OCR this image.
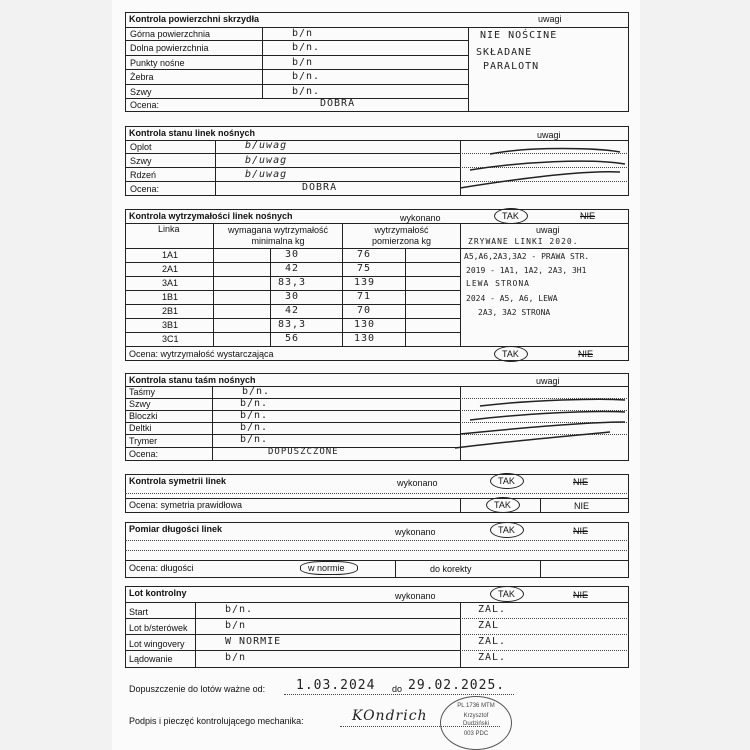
Kontrola powierzchni skrzydła	uwagi
Górna powierzchnia	b/n
Dolna powierzchnia	b/n.
Punkty nośne	b/n
Żebra	b/n.
Szwy	b/n.
Ocena:	DOBRA
NIE NOŚCINE
SKŁADANE
PARALOTN
Kontrola stanu linek nośnych	uwagi
Oplot	b/uwag
Szwy	b/uwag
Rdzeń	b/uwag
Ocena:	DOBRA
Kontrola wytrzymałości linek nośnych	wykonano	TAK	NIE
Linka	wymagana wytrzymałość
minimalna kg
wytrzymałość
pomierzona kg
uwagi
1A1	30	76
2A1	42	75
3A1	83,3	139
1B1	30	71
2B1	42	70
3B1	83,3	130
3C1	56	130
ZRYWANE LINKI 2020.
A5,A6,2A3,3A2 - PRAWA STR.
2019 - 1A1, 1A2, 2A3, 3H1
LEWA STRONA
2024 - A5, A6, LEWA
2A3, 3A2 STRONA
Ocena: wytrzymałość wystarczająca	TAK	NIE
Kontrola stanu taśm nośnych	uwagi
Taśmy	b/n.
Szwy	b/n.
Bloczki	b/n.
Deltki	b/n.
Trymer	b/n.
Ocena:	DOPUSZCZONE
Kontrola symetrii linek	wykonano	TAK	NIE
Ocena: symetria prawidłowa	TAK	NIE
Pomiar długości linek	wykonano	TAK	NIE
Ocena: długości	w normie	do korekty
Lot kontrolny	wykonano	TAK	NIE
Start	b/n.	ZAL.
Lot b/sterówek	b/n	ZAL
Lot wingovery	W NORMIE	ZAL.
Lądowanie	b/n	ZAL.
Dopuszczenie do lotów ważne od: 1.03.2024 do 29.02.2025.
Podpis i pieczęć kontrolującego mechanika:	KOndrich
PL 1736 MTM
Krzysztof
Dudziński
003 PDC
